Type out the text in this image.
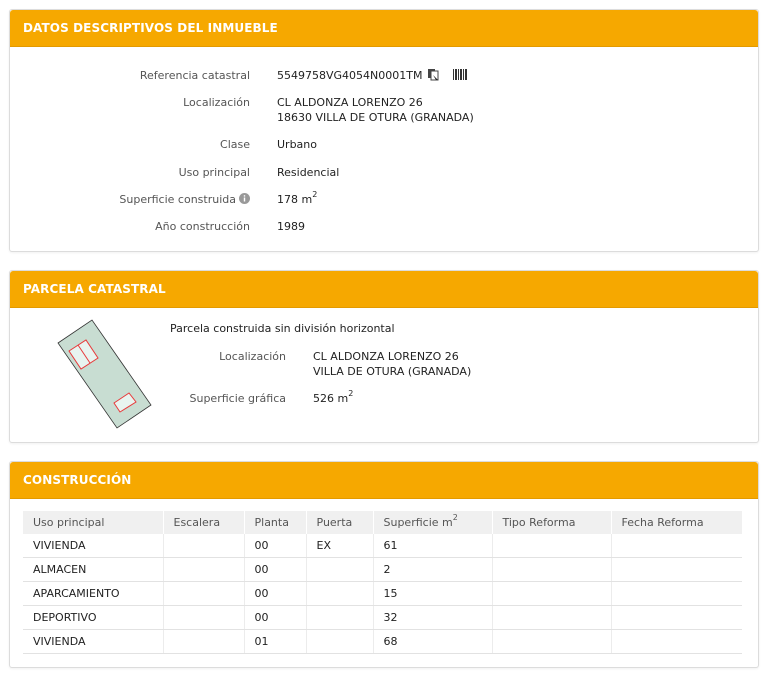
DATOS DESCRIPTIVOS DEL INMUEBLE
Referencia catastral 5549758VG4054N0001TM
Localización CL ALDONZA LORENZO 26
18630 VILLA DE OTURA (GRANADA)
Clase Urbano
Uso principal Residencial
Superficie construida	178 $m^2$
Año construcción 1989
PARCELA CATASTRAL
Parcela construida sin división horizontal
Localización CL ALDONZA LORENZO 26
VILLA DE OTURA (GRANADA)
Superficie gráfica 526 $m^2$
CONSTRUCCIÓN
Uso principal	Escalera	Planta	Puerta	Superficie $m^2$	Tipo Reforma	Fecha Reforma
VIVIENDA		00	EX	61		
ALMACEN		00		2		
APARCAMIENTO		00		15		
DEPORTIVO		00		32		
VIVIENDA		01		68		
